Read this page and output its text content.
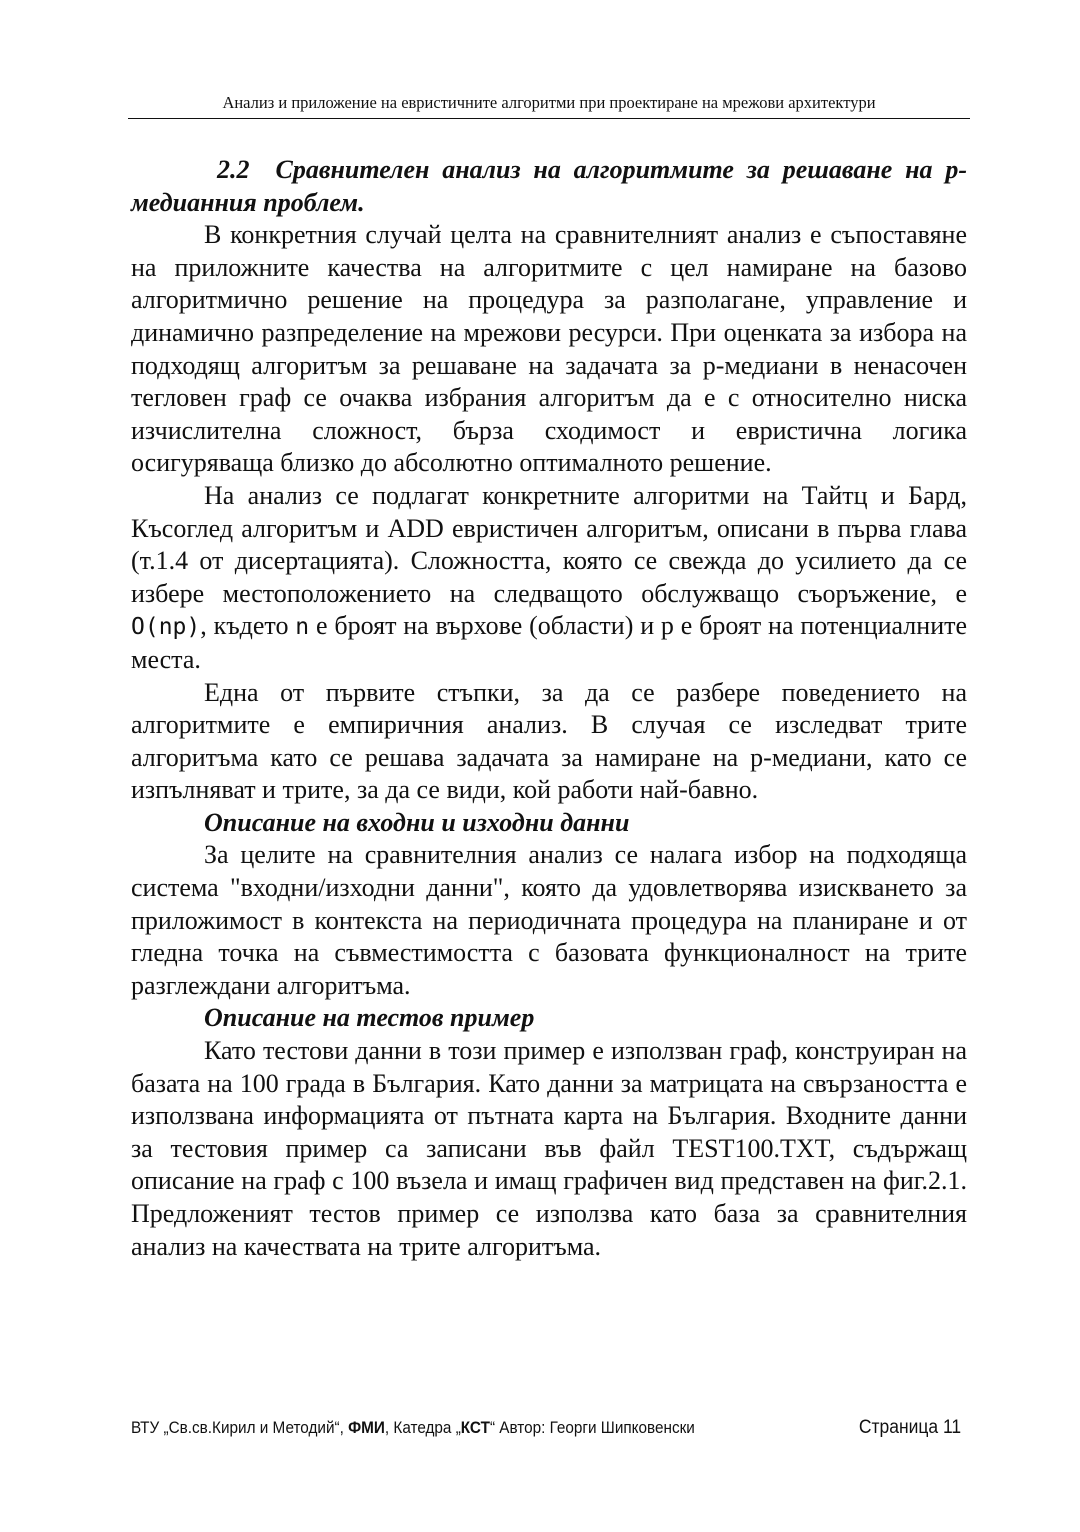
Анализ и приложение на евристичните алгоритми при проектиране на мрежови архитектури
2.2 Сравнителен анализ на алгоритмите за решаване на p-медианния проблем.

В конкретния случай целта на сравнителният анализ е съпоставяне на приложните качества на алгоритмите с цел намиране на базово алгоритмично решение на процедура за разполагане, управление и динамично разпределение на мрежови ресурси. При оценката за избора на подходящ алгоритъм за решаване на задачата за p-медиани в ненасочен тегловен граф се очаква избрания алгоритъм да е с относително ниска изчислителна сложност, бърза сходимост и евристична логика осигуряваща близко до абсолютно оптималното решение.

На анализ се подлагат конкретните алгоритми на Тайтц и Бард, Късоглед алгоритъм и ADD евристичен алгоритъм, описани в първа глава (т.1.4 от дисертацията). Сложността, която се свежда до усилието да се избере местоположението на следващото обслужващо съоръжение, е O(np), където n е броят на върхове (области) и p е броят на потенциалните места.

Една от първите стъпки, за да се разбере поведението на алгоритмите е емпиричния анализ. В случая се изследват трите алгоритъма като се решава задачата за намиране на p-медиани, като се изпълняват и трите, за да се види, кой работи най-бавно.

Описание на входни и изходни данни

За целите на сравнителния анализ се налага избор на подходяща система "входни/изходни данни", която да удовлетворява изискването за приложимост в контекста на периодичната процедура на планиране и от гледна точка на съвместимостта с базовата функционалност на трите разглеждани алгоритъма.

Описание на тестов пример

Като тестови данни в този пример е използван граф, конструиран на базата на 100 града в България. Като данни за матрицата на свързаността е използвана информацията от пътната карта на България. Входните данни за тестовия пример са записани във файл TEST100.TXT, съдържащ описание на граф с 100 възела и имащ графичен вид представен на фиг.2.1. Предложеният тестов пример се използва като база за сравнителния анализ на качествата на трите алгоритъма.

ВТУ „Св.св.Кирил и Методий“, ФМИ, Катедра „КСТ“ Автор: Георги Шипковенски	Страница 11
